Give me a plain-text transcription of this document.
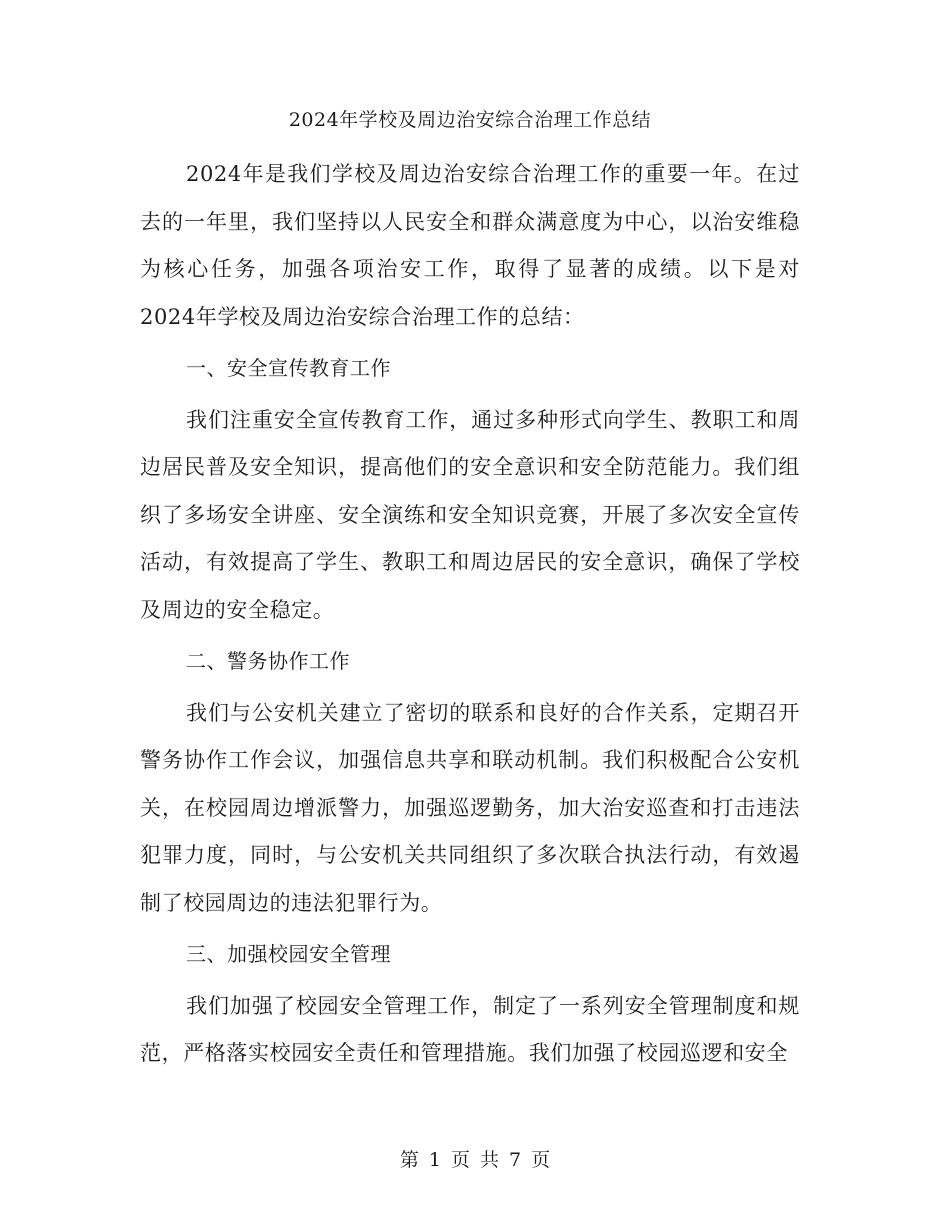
2024年学校及周边治安综合治理工作总结

2024年是我们学校及周边治安综合治理工作的重要一年。在过去的一年里，我们坚持以人民安全和群众满意度为中心，以治安维稳为核心任务，加强各项治安工作，取得了显著的成绩。以下是对2024年学校及周边治安综合治理工作的总结：

一、安全宣传教育工作

我们注重安全宣传教育工作，通过多种形式向学生、教职工和周边居民普及安全知识，提高他们的安全意识和安全防范能力。我们组织了多场安全讲座、安全演练和安全知识竞赛，开展了多次安全宣传活动，有效提高了学生、教职工和周边居民的安全意识，确保了学校及周边的安全稳定。

二、警务协作工作

我们与公安机关建立了密切的联系和良好的合作关系，定期召开警务协作工作会议，加强信息共享和联动机制。我们积极配合公安机关，在校园周边增派警力，加强巡逻勤务，加大治安巡查和打击违法犯罪力度，同时，与公安机关共同组织了多次联合执法行动，有效遏制了校园周边的违法犯罪行为。

三、加强校园安全管理

我们加强了校园安全管理工作，制定了一系列安全管理制度和规范，严格落实校园安全责任和管理措施。我们加强了校园巡逻和安全

第 1 页 共 7 页
